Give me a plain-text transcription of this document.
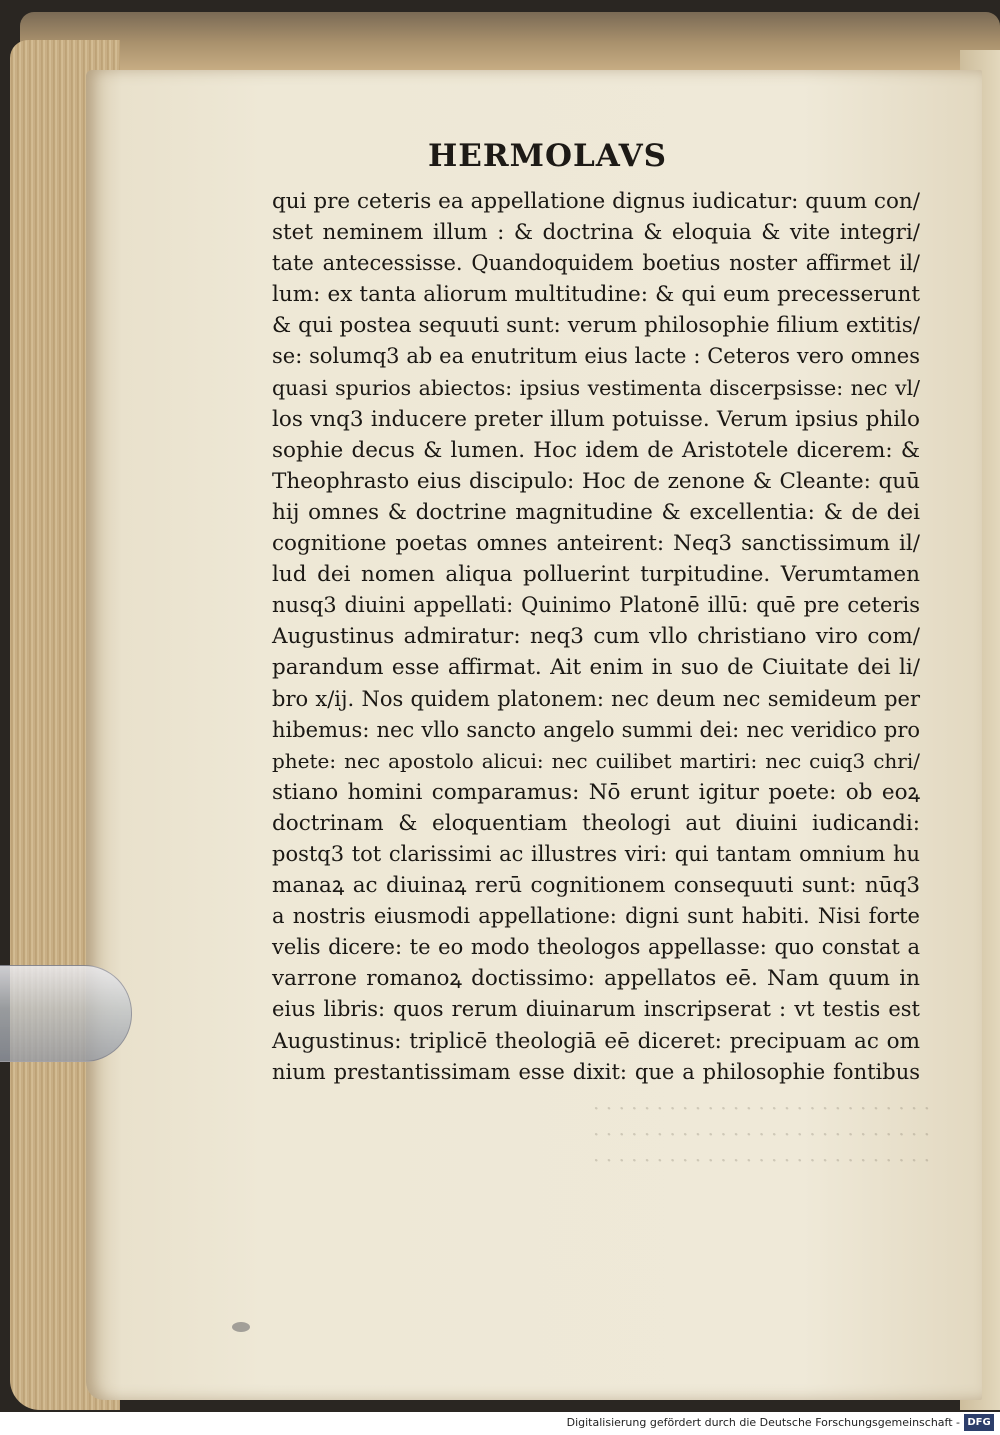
· · · · · · · · · · · · · · · · · · · · · · · · · · ·
· · · · · · · · · · · · · · · · · · · · · · · · · · ·
· · · · · · · · · · · · · · · · · · · · · · · · · · ·
HERMOLAVS
qui pre ceteris ea appellatione dignus iudicatur: quum con/
stet neminem illum : & doctrina & eloquia & vite integri/
tate antecessisse. Quandoquidem boetius noster affirmet il/
lum: ex tanta aliorum multitudine: & qui eum precesserunt
& qui postea sequuti sunt: verum philosophie filium extitis/
se: solumq3 ab ea enutritum eius lacte : Ceteros vero omnes
quasi spurios abiectos: ipsius vestimenta discerpsisse: nec vl/
los vnq3 inducere preter illum potuisse. Verum ipsius philo
sophie decus & lumen. Hoc idem de Aristotele dicerem: &
Theophrasto eius discipulo: Hoc de zenone & Cleante: quū
hij omnes & doctrine magnitudine & excellentia: & de dei
cognitione poetas omnes anteirent: Neq3 sanctissimum il/
lud dei nomen aliqua polluerint turpitudine. Verumtamen
nusq3 diuini appellati: Quinimo Platonē illū: quē pre ceteris
Augustinus admiratur: neq3 cum vllo christiano viro com/
parandum esse affirmat. Ait enim in suo de Ciuitate dei li/
bro x/ij. Nos quidem platonem: nec deum nec semideum per
hibemus: nec vllo sancto angelo summi dei: nec veridico pro
phete: nec apostolo alicui: nec cuilibet martiri: nec cuiq3 chri/
stiano homini comparamus: Nō erunt igitur poete: ob eoꝝ
doctrinam & eloquentiam theologi aut diuini iudicandi:
postq3 tot clarissimi ac illustres viri: qui tantam omnium hu
manaꝝ ac diuinaꝝ rerū cognitionem consequuti sunt: nūq3
a nostris eiusmodi appellatione: digni sunt habiti. Nisi forte
velis dicere: te eo modo theologos appellasse: quo constat a
varrone romanoꝝ doctissimo: appellatos eē. Nam quum in
eius libris: quos rerum diuinarum inscripserat : vt testis est
Augustinus: triplicē theologiā eē diceret: precipuam ac om
nium prestantissimam esse dixit: que a philosophie fontibus
Digitalisierung gefördert durch die Deutsche Forschungsgemeinschaft - DFG
